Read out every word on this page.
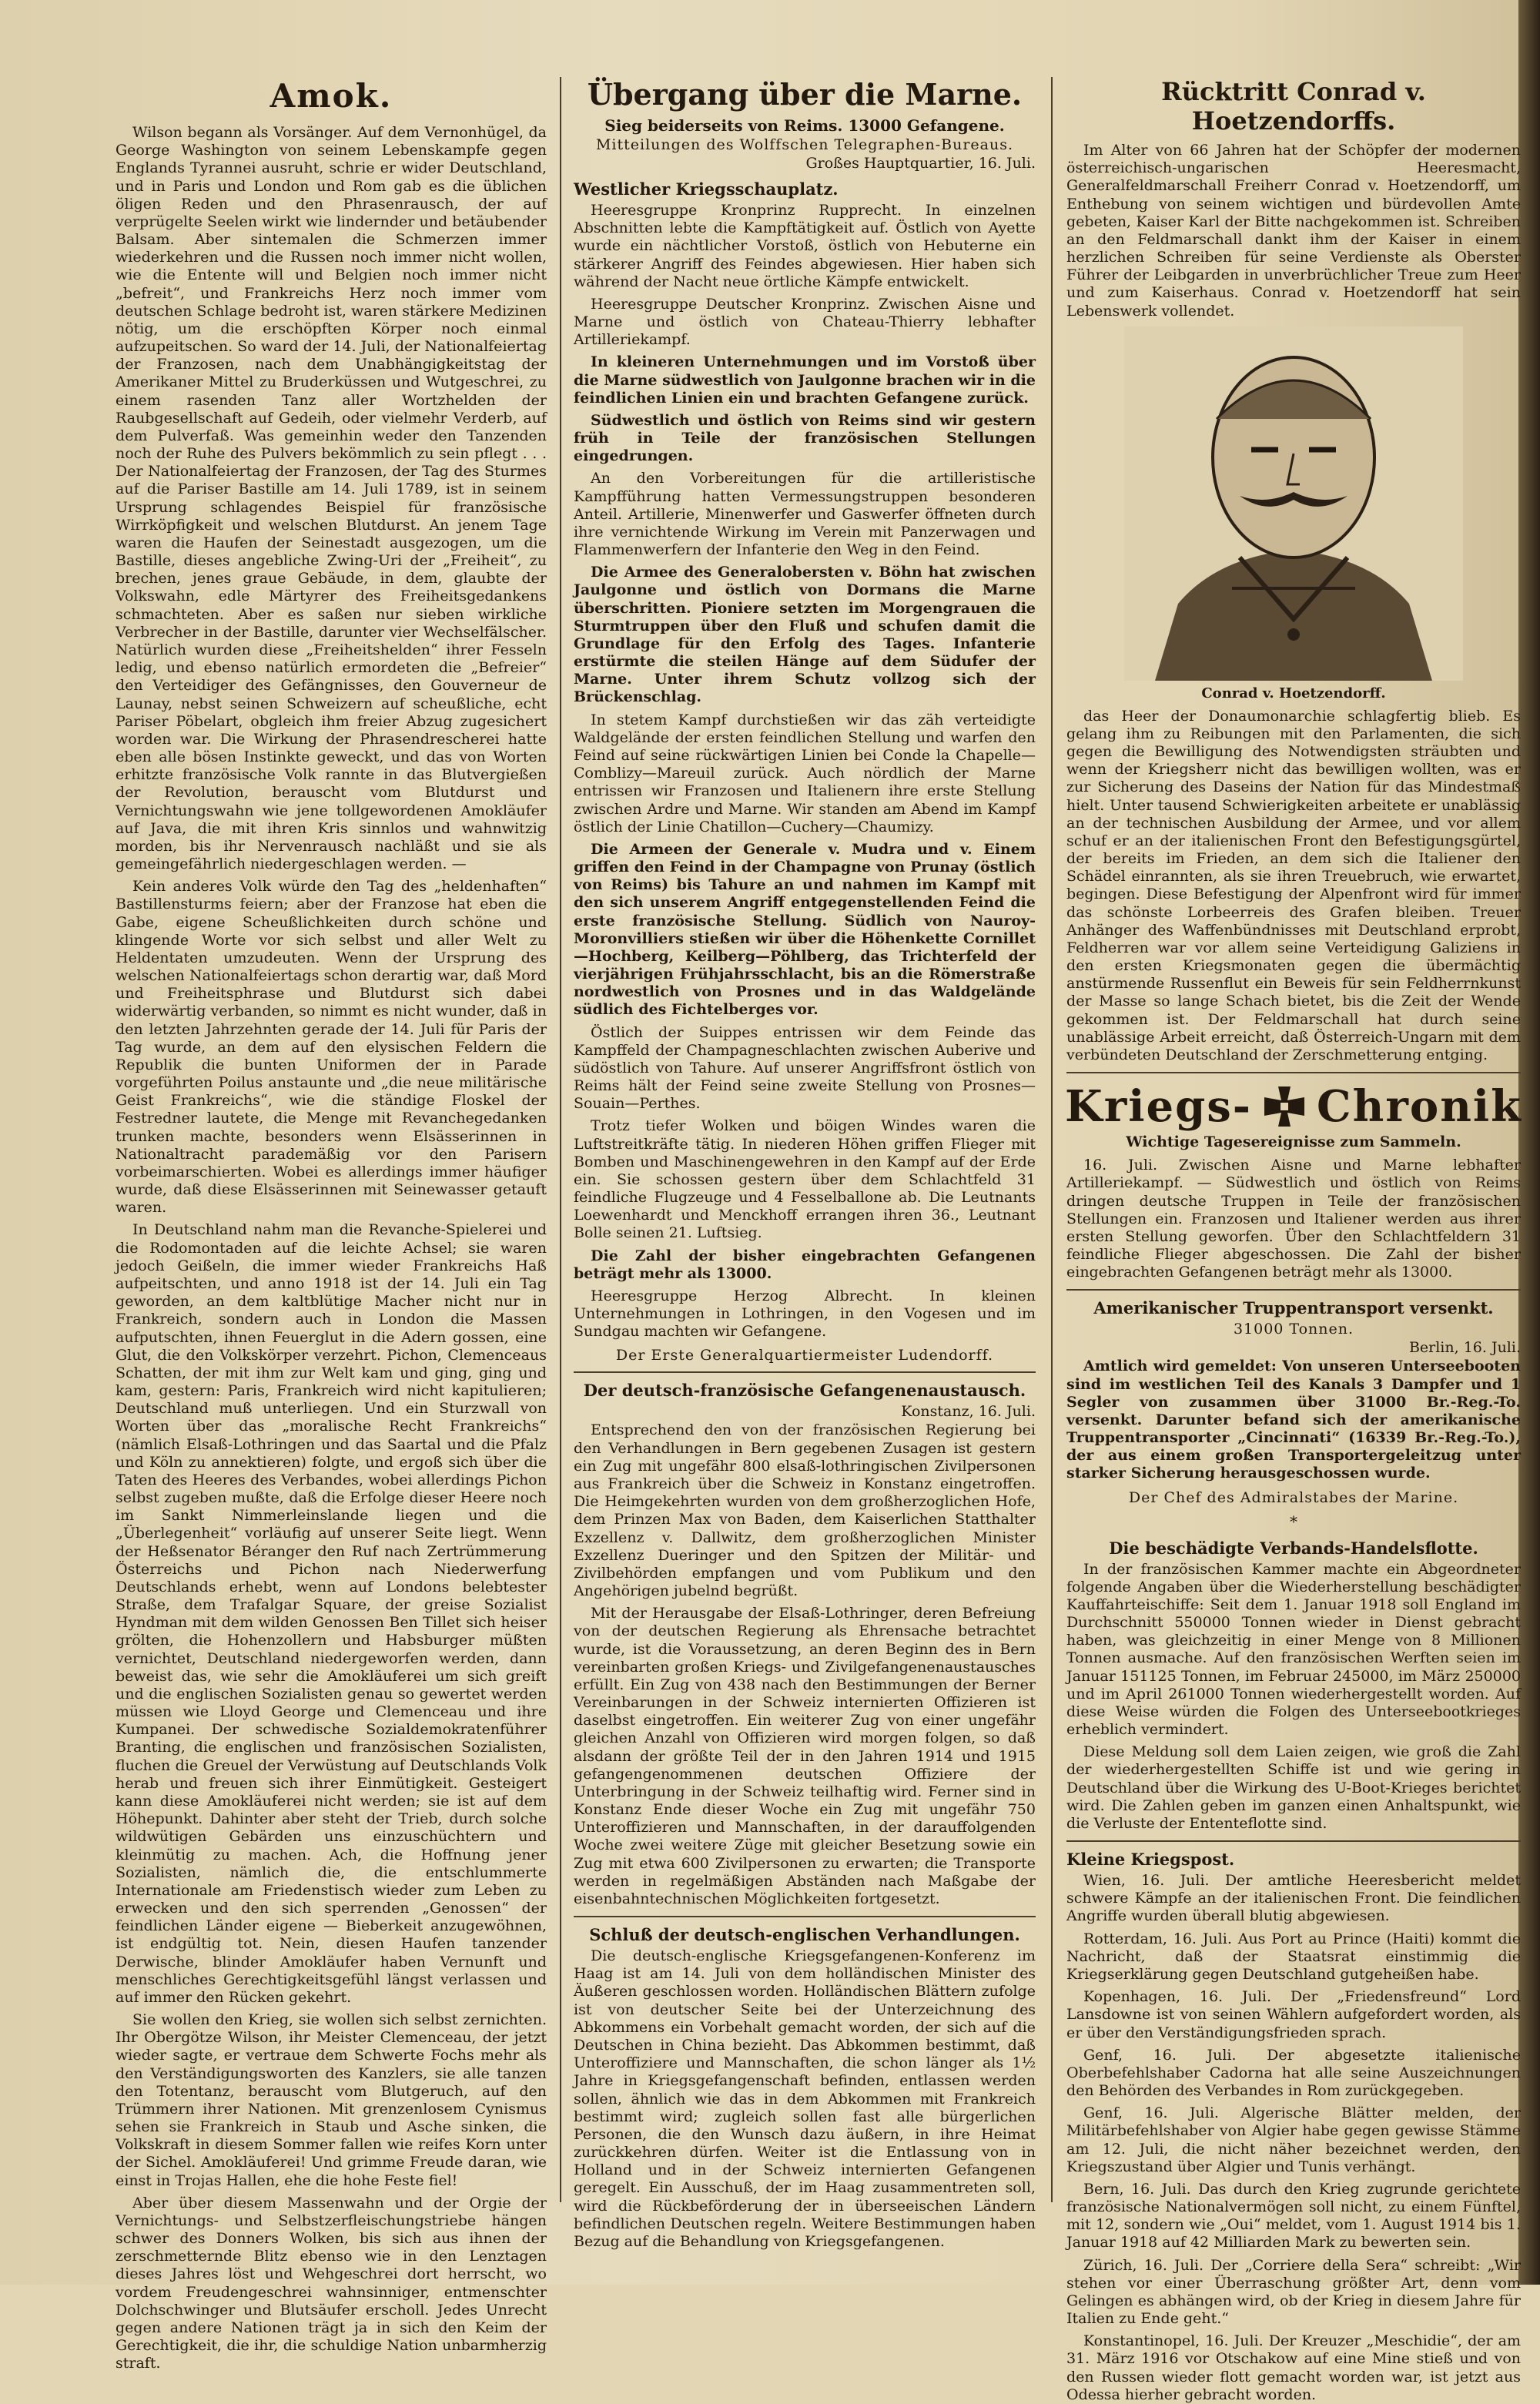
Amok.

Wilson begann als Vorsänger. Auf dem Vernonhügel, da George Washington von seinem Lebenskampfe gegen Englands Tyrannei ausruht, schrie er wider Deutschland, und in Paris und London und Rom gab es die üblichen öligen Reden und den Phrasenrausch, der auf verprügelte Seelen wirkt wie lindernder und betäubender Balsam. Aber sintemalen die Schmerzen immer wiederkehren und die Russen noch immer nicht wollen, wie die Entente will und Belgien noch immer nicht „befreit“, und Frankreichs Herz noch immer vom deutschen Schlage bedroht ist, waren stärkere Medizinen nötig, um die erschöpften Körper noch einmal aufzupeitschen. So ward der 14. Juli, der Nationalfeiertag der Franzosen, nach dem Unabhängigkeitstag der Amerikaner Mittel zu Bruderküssen und Wutgeschrei, zu einem rasenden Tanz aller Wortzhelden der Raubgesellschaft auf Gedeih, oder vielmehr Verderb, auf dem Pulverfaß. Was gemeinhin weder den Tanzenden noch der Ruhe des Pulvers bekömmlich zu sein pflegt . . . Der Nationalfeiertag der Franzosen, der Tag des Sturmes auf die Pariser Bastille am 14. Juli 1789, ist in seinem Ursprung schlagendes Beispiel für französische Wirrköpfigkeit und welschen Blutdurst. An jenem Tage waren die Haufen der Seinestadt ausgezogen, um die Bastille, dieses angebliche Zwing-Uri der „Freiheit“, zu brechen, jenes graue Gebäude, in dem, glaubte der Volkswahn, edle Märtyrer des Freiheitsgedankens schmachteten. Aber es saßen nur sieben wirkliche Verbrecher in der Bastille, darunter vier Wechselfälscher. Natürlich wurden diese „Freiheitshelden“ ihrer Fesseln ledig, und ebenso natürlich ermordeten die „Befreier“ den Verteidiger des Gefängnisses, den Gouverneur de Launay, nebst seinen Schweizern auf scheußliche, echt Pariser Pöbelart, obgleich ihm freier Abzug zugesichert worden war. Die Wirkung der Phrasendrescherei hatte eben alle bösen Instinkte geweckt, und das von Worten erhitzte französische Volk rannte in das Blutvergießen der Revolution, berauscht vom Blutdurst und Vernichtungswahn wie jene tollgewordenen Amokläufer auf Java, die mit ihren Kris sinnlos und wahnwitzig morden, bis ihr Nervenrausch nachläßt und sie als gemeingefährlich niedergeschlagen werden. —

Kein anderes Volk würde den Tag des „heldenhaften“ Bastillensturms feiern; aber der Franzose hat eben die Gabe, eigene Scheußlichkeiten durch schöne und klingende Worte vor sich selbst und aller Welt zu Heldentaten umzudeuten. Wenn der Ursprung des welschen Nationalfeiertags schon derartig war, daß Mord und Freiheitsphrase und Blutdurst sich dabei widerwärtig verbanden, so nimmt es nicht wunder, daß in den letzten Jahrzehnten gerade der 14. Juli für Paris der Tag wurde, an dem auf den elysischen Feldern die Republik die bunten Uniformen der in Parade vorgeführten Poilus anstaunte und „die neue militärische Geist Frankreichs“, wie die ständige Floskel der Festredner lautete, die Menge mit Revanchegedanken trunken machte, besonders wenn Elsässerinnen in Nationaltracht parademäßig vor den Parisern vorbeimarschierten. Wobei es allerdings immer häufiger wurde, daß diese Elsässerinnen mit Seinewasser getauft waren.

In Deutschland nahm man die Revanche-Spielerei und die Rodomontaden auf die leichte Achsel; sie waren jedoch Geißeln, die immer wieder Frankreichs Haß aufpeitschten, und anno 1918 ist der 14. Juli ein Tag geworden, an dem kaltblütige Macher nicht nur in Frankreich, sondern auch in London die Massen aufputschten, ihnen Feuerglut in die Adern gossen, eine Glut, die den Volkskörper verzehrt. Pichon, Clemenceaus Schatten, der mit ihm zur Welt kam und ging, ging und kam, gestern: Paris, Frankreich wird nicht kapitulieren; Deutschland muß unterliegen. Und ein Sturzwall von Worten über das „moralische Recht Frankreichs“ (nämlich Elsaß-Lothringen und das Saartal und die Pfalz und Köln zu annektieren) folgte, und ergoß sich über die Taten des Heeres des Verbandes, wobei allerdings Pichon selbst zugeben mußte, daß die Erfolge dieser Heere noch im Sankt Nimmerleinslande liegen und die „Überlegenheit“ vorläufig auf unserer Seite liegt. Wenn der Heßsenator Béranger den Ruf nach Zertrümmerung Österreichs und Pichon nach Niederwerfung Deutschlands erhebt, wenn auf Londons belebtester Straße, dem Trafalgar Square, der greise Sozialist Hyndman mit dem wilden Genossen Ben Tillet sich heiser grölten, die Hohenzollern und Habsburger müßten vernichtet, Deutschland niedergeworfen werden, dann beweist das, wie sehr die Amokläuferei um sich greift und die englischen Sozialisten genau so gewertet werden müssen wie Lloyd George und Clemenceau und ihre Kumpanei. Der schwedische Sozialdemokratenführer Branting, die englischen und französischen Sozialisten, fluchen die Greuel der Verwüstung auf Deutschlands Volk herab und freuen sich ihrer Einmütigkeit. Gesteigert kann diese Amokläuferei nicht werden; sie ist auf dem Höhepunkt. Dahinter aber steht der Trieb, durch solche wildwütigen Gebärden uns einzuschüchtern und kleinmütig zu machen. Ach, die Hoffnung jener Sozialisten, nämlich die, die entschlummerte Internationale am Friedenstisch wieder zum Leben zu erwecken und den sich sperrenden „Genossen“ der feindlichen Länder eigene — Bieberkeit anzugewöhnen, ist endgültig tot. Nein, diesen Haufen tanzender Derwische, blinder Amokläufer haben Vernunft und menschliches Gerechtigkeitsgefühl längst verlassen und auf immer den Rücken gekehrt.

Sie wollen den Krieg, sie wollen sich selbst zernichten. Ihr Obergötze Wilson, ihr Meister Clemenceau, der jetzt wieder sagte, er vertraue dem Schwerte Fochs mehr als den Verständigungsworten des Kanzlers, sie alle tanzen den Totentanz, berauscht vom Blutgeruch, auf den Trümmern ihrer Nationen. Mit grenzenlosem Cynismus sehen sie Frankreich in Staub und Asche sinken, die Volkskraft in diesem Sommer fallen wie reifes Korn unter der Sichel. Amokläuferei! Und grimme Freude daran, wie einst in Trojas Hallen, ehe die hohe Feste fiel!

Aber über diesem Massenwahn und der Orgie der Vernichtungs- und Selbstzerfleischungstriebe hängen schwer des Donners Wolken, bis sich aus ihnen der zerschmetternde Blitz ebenso wie in den Lenztagen dieses Jahres löst und Wehgeschrei dort herrscht, wo vordem Freudengeschrei wahnsinniger, entmenschter Dolchschwinger und Blutsäufer erscholl. Jedes Unrecht gegen andere Nationen trägt ja in sich den Keim der Gerechtigkeit, die ihr, die schuldige Nation unbarmherzig straft.

Übergang über die Marne.
Sieg beiderseits von Reims. 13000 Gefangene.
Mitteilungen des Wolffschen Telegraphen-Bureaus.
Großes Hauptquartier, 16. Juli.
Westlicher Kriegsschauplatz.

Heeresgruppe Kronprinz Rupprecht. In einzelnen Abschnitten lebte die Kampftätigkeit auf. Östlich von Ayette wurde ein nächtlicher Vorstoß, östlich von Hebuterne ein stärkerer Angriff des Feindes abgewiesen. Hier haben sich während der Nacht neue örtliche Kämpfe entwickelt.

Heeresgruppe Deutscher Kronprinz. Zwischen Aisne und Marne und östlich von Chateau-Thierry lebhafter Artilleriekampf.

In kleineren Unternehmungen und im Vorstoß über die Marne südwestlich von Jaulgonne brachen wir in die feindlichen Linien ein und brachten Gefangene zurück.

Südwestlich und östlich von Reims sind wir gestern früh in Teile der französischen Stellungen eingedrungen.

An den Vorbereitungen für die artilleristische Kampfführung hatten Vermessungstruppen besonderen Anteil. Artillerie, Minenwerfer und Gaswerfer öffneten durch ihre vernichtende Wirkung im Verein mit Panzerwagen und Flammenwerfern der Infanterie den Weg in den Feind.

Die Armee des Generalobersten v. Böhn hat zwischen Jaulgonne und östlich von Dormans die Marne überschritten. Pioniere setzten im Morgengrauen die Sturmtruppen über den Fluß und schufen damit die Grundlage für den Erfolg des Tages. Infanterie erstürmte die steilen Hänge auf dem Südufer der Marne. Unter ihrem Schutz vollzog sich der Brückenschlag.

In stetem Kampf durchstießen wir das zäh verteidigte Waldgelände der ersten feindlichen Stellung und warfen den Feind auf seine rückwärtigen Linien bei Conde la Chapelle—Comblizy—Mareuil zurück. Auch nördlich der Marne entrissen wir Franzosen und Italienern ihre erste Stellung zwischen Ardre und Marne. Wir standen am Abend im Kampf östlich der Linie Chatillon—Cuchery—Chaumizy.

Die Armeen der Generale v. Mudra und v. Einem griffen den Feind in der Champagne von Prunay (östlich von Reims) bis Tahure an und nahmen im Kampf mit den sich unserem Angriff entgegenstellenden Feind die erste französische Stellung. Südlich von Nauroy-Moronvilliers stießen wir über die Höhenkette Cornillet—Hochberg, Keilberg—Pöhlberg, das Trichterfeld der vierjährigen Frühjahrsschlacht, bis an die Römerstraße nordwestlich von Prosnes und in das Waldgelände südlich des Fichtelberges vor.

Östlich der Suippes entrissen wir dem Feinde das Kampffeld der Champagneschlachten zwischen Auberive und südöstlich von Tahure. Auf unserer Angriffsfront östlich von Reims hält der Feind seine zweite Stellung von Prosnes—Souain—Perthes.

Trotz tiefer Wolken und böigen Windes waren die Luftstreitkräfte tätig. In niederen Höhen griffen Flieger mit Bomben und Maschinengewehren in den Kampf auf der Erde ein. Sie schossen gestern über dem Schlachtfeld 31 feindliche Flugzeuge und 4 Fesselballone ab. Die Leutnants Loewenhardt und Menckhoff errangen ihren 36., Leutnant Bolle seinen 21. Luftsieg.

Die Zahl der bisher eingebrachten Gefangenen beträgt mehr als 13000.

Heeresgruppe Herzog Albrecht. In kleinen Unternehmungen in Lothringen, in den Vogesen und im Sundgau machten wir Gefangene.

Der Erste Generalquartiermeister Ludendorff.
Der deutsch-französische Gefangenenaustausch.
Konstanz, 16. Juli.

Entsprechend den von der französischen Regierung bei den Verhandlungen in Bern gegebenen Zusagen ist gestern ein Zug mit ungefähr 800 elsaß-lothringischen Zivilpersonen aus Frankreich über die Schweiz in Konstanz eingetroffen. Die Heimgekehrten wurden von dem großherzoglichen Hofe, dem Prinzen Max von Baden, dem Kaiserlichen Statthalter Exzellenz v. Dallwitz, dem großherzoglichen Minister Exzellenz Dueringer und den Spitzen der Militär- und Zivilbehörden empfangen und vom Publikum und den Angehörigen jubelnd begrüßt.

Mit der Herausgabe der Elsaß-Lothringer, deren Befreiung von der deutschen Regierung als Ehrensache betrachtet wurde, ist die Voraussetzung, an deren Beginn des in Bern vereinbarten großen Kriegs- und Zivilgefangenenaustausches erfüllt. Ein Zug von 438 nach den Bestimmungen der Berner Vereinbarungen in der Schweiz internierten Offizieren ist daselbst eingetroffen. Ein weiterer Zug von einer ungefähr gleichen Anzahl von Offizieren wird morgen folgen, so daß alsdann der größte Teil der in den Jahren 1914 und 1915 gefangengenommenen deutschen Offiziere der Unterbringung in der Schweiz teilhaftig wird. Ferner sind in Konstanz Ende dieser Woche ein Zug mit ungefähr 750 Unteroffizieren und Mannschaften, in der darauffolgenden Woche zwei weitere Züge mit gleicher Besetzung sowie ein Zug mit etwa 600 Zivilpersonen zu erwarten; die Transporte werden in regelmäßigen Abständen nach Maßgabe der eisenbahntechnischen Möglichkeiten fortgesetzt.

Schluß der deutsch-englischen Verhandlungen.

Die deutsch-englische Kriegsgefangenen-Konferenz im Haag ist am 14. Juli von dem holländischen Minister des Äußeren geschlossen worden. Holländischen Blättern zufolge ist von deutscher Seite bei der Unterzeichnung des Abkommens ein Vorbehalt gemacht worden, der sich auf die Deutschen in China bezieht. Das Abkommen bestimmt, daß Unteroffiziere und Mannschaften, die schon länger als 1½ Jahre in Kriegsgefangenschaft befinden, entlassen werden sollen, ähnlich wie das in dem Abkommen mit Frankreich bestimmt wird; zugleich sollen fast alle bürgerlichen Personen, die den Wunsch dazu äußern, in ihre Heimat zurückkehren dürfen. Weiter ist die Entlassung von in Holland und in der Schweiz internierten Gefangenen geregelt. Ein Ausschuß, der im Haag zusammentreten soll, wird die Rückbeförderung der in überseeischen Ländern befindlichen Deutschen regeln. Weitere Bestimmungen haben Bezug auf die Behandlung von Kriegsgefangenen.

Rücktritt Conrad v. Hoetzendorffs.

Im Alter von 66 Jahren hat der Schöpfer der modernen österreichisch-ungarischen Heeresmacht, Generalfeldmarschall Freiherr Conrad v. Hoetzendorff, um Enthebung von seinem wichtigen und bürdevollen Amte gebeten, Kaiser Karl der Bitte nachgekommen ist. Schreiben an den Feldmarschall dankt ihm der Kaiser in einem herzlichen Schreiben für seine Verdienste als Oberster Führer der Leibgarden in unverbrüchlicher Treue zum Heer und zum Kaiserhaus. Conrad v. Hoetzendorff hat sein Lebenswerk vollendet.

Conrad v. Hoetzendorff.

das Heer der Donaumonarchie schlagfertig blieb. Es gelang ihm zu Reibungen mit den Parlamenten, die sich gegen die Bewilligung des Notwendigsten sträubten und wenn der Kriegsherr nicht das bewilligen wollten, was er zur Sicherung des Daseins der Nation für das Mindestmaß hielt. Unter tausend Schwierigkeiten arbeitete er unablässig an der technischen Ausbildung der Armee, und vor allem schuf er an der italienischen Front den Befestigungsgürtel, der bereits im Frieden, an dem sich die Italiener den Schädel einrannten, als sie ihren Treuebruch, wie erwartet, begingen. Diese Befestigung der Alpenfront wird für immer das schönste Lorbeerreis des Grafen bleiben. Treuer Anhänger des Waffenbündnisses mit Deutschland erprobt, Feldherren war vor allem seine Verteidigung Galiziens in den ersten Kriegsmonaten gegen die übermächtig anstürmende Russenflut ein Beweis für sein Feldherrnkunst der Masse so lange Schach bietet, bis die Zeit der Wende gekommen ist. Der Feldmarschall hat durch seine unablässige Arbeit erreicht, daß Österreich-Ungarn mit dem verbündeten Deutschland der Zerschmetterung entging.

Kriegs- Chronik
Wichtige Tagesereignisse zum Sammeln.

16. Juli. Zwischen Aisne und Marne lebhafter Artilleriekampf. — Südwestlich und östlich von Reims dringen deutsche Truppen in Teile der französischen Stellungen ein. Franzosen und Italiener werden aus ihrer ersten Stellung geworfen. Über den Schlachtfeldern 31 feindliche Flieger abgeschossen. Die Zahl der bisher eingebrachten Gefangenen beträgt mehr als 13000.

Amerikanischer Truppentransport versenkt.
31000 Tonnen.
Berlin, 16. Juli.

Amtlich wird gemeldet: Von unseren Unterseebooten sind im westlichen Teil des Kanals 3 Dampfer und 1 Segler von zusammen über 31000 Br.-Reg.-To. versenkt. Darunter befand sich der amerikanische Truppentransporter „Cincinnati“ (16339 Br.-Reg.-To.), der aus einem großen Transportergeleitzug unter starker Sicherung herausgeschossen wurde.

Der Chef des Admiralstabes der Marine.
*
Die beschädigte Verbands-Handelsflotte.

In der französischen Kammer machte ein Abgeordneter folgende Angaben über die Wiederherstellung beschädigter Kauffahrteischiffe: Seit dem 1. Januar 1918 soll England im Durchschnitt 550000 Tonnen wieder in Dienst gebracht haben, was gleichzeitig in einer Menge von 8 Millionen Tonnen ausmache. Auf den französischen Werften seien im Januar 151125 Tonnen, im Februar 245000, im März 250000 und im April 261000 Tonnen wiederhergestellt worden. Auf diese Weise würden die Folgen des Unterseebootkrieges erheblich vermindert.

Diese Meldung soll dem Laien zeigen, wie groß die Zahl der wiederhergestellten Schiffe ist und wie gering in Deutschland über die Wirkung des U-Boot-Krieges berichtet wird. Die Zahlen geben im ganzen einen Anhaltspunkt, wie die Verluste der Ententeflotte sind.

Kleine Kriegspost.

Wien, 16. Juli. Der amtliche Heeresbericht meldet schwere Kämpfe an der italienischen Front. Die feindlichen Angriffe wurden überall blutig abgewiesen.

Rotterdam, 16. Juli. Aus Port au Prince (Haiti) kommt die Nachricht, daß der Staatsrat einstimmig die Kriegserklärung gegen Deutschland gutgeheißen habe.

Kopenhagen, 16. Juli. Der „Friedensfreund“ Lord Lansdowne ist von seinen Wählern aufgefordert worden, als er über den Verständigungsfrieden sprach.

Genf, 16. Juli. Der abgesetzte italienische Oberbefehlshaber Cadorna hat alle seine Auszeichnungen den Behörden des Verbandes in Rom zurückgegeben.

Genf, 16. Juli. Algerische Blätter melden, der Militärbefehlshaber von Algier habe gegen gewisse Stämme am 12. Juli, die nicht näher bezeichnet werden, den Kriegszustand über Algier und Tunis verhängt.

Bern, 16. Juli. Das durch den Krieg zugrunde gerichtete französische Nationalvermögen soll nicht, zu einem Fünftel, mit 12, sondern wie „Oui“ meldet, vom 1. August 1914 bis 1. Januar 1918 auf 42 Milliarden Mark zu bewerten sein.

Zürich, 16. Juli. Der „Corriere della Sera“ schreibt: „Wir stehen vor einer Überraschung größter Art, denn vom Gelingen es abhängen wird, ob der Krieg in diesem Jahre für Italien zu Ende geht.“

Konstantinopel, 16. Juli. Der Kreuzer „Meschidie“, der am 31. März 1916 vor Otschakow auf eine Mine stieß und von den Russen wieder flott gemacht worden war, ist jetzt aus Odessa hierher gebracht worden.
